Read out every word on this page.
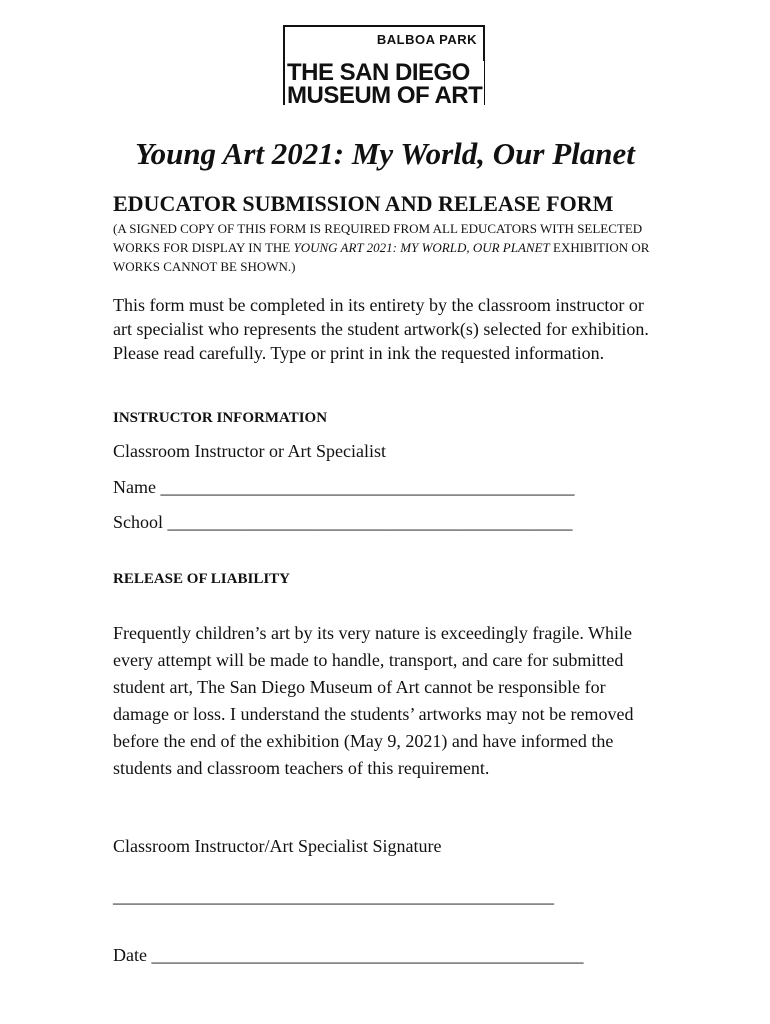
BALBOA PARK
THE SAN DIEGO
MUSEUM OF ART
Young Art 2021: My World, Our Planet
EDUCATOR SUBMISSION AND RELEASE FORM
(A SIGNED COPY OF THIS FORM IS REQUIRED FROM ALL EDUCATORS WITH SELECTED WORKS FOR DISPLAY IN THE YOUNG ART 2021: MY WORLD, OUR PLANET EXHIBITION OR WORKS CANNOT BE SHOWN.)
This form must be completed in its entirety by the classroom instructor or art specialist who represents the student artwork(s) selected for exhibition. Please read carefully. Type or print in ink the requested information.
INSTRUCTOR INFORMATION
Classroom Instructor or Art Specialist
Name ______________________________________________
School _____________________________________________
RELEASE OF LIABILITY
Frequently children’s art by its very nature is exceedingly fragile. While every attempt will be made to handle, transport, and care for submitted student art, The San Diego Museum of Art cannot be responsible for damage or loss. I understand the students’ artworks may not be removed before the end of the exhibition (May 9, 2021) and have informed the students and classroom teachers of this requirement.
Classroom Instructor/Art Specialist Signature
_________________________________________________
Date ________________________________________________
